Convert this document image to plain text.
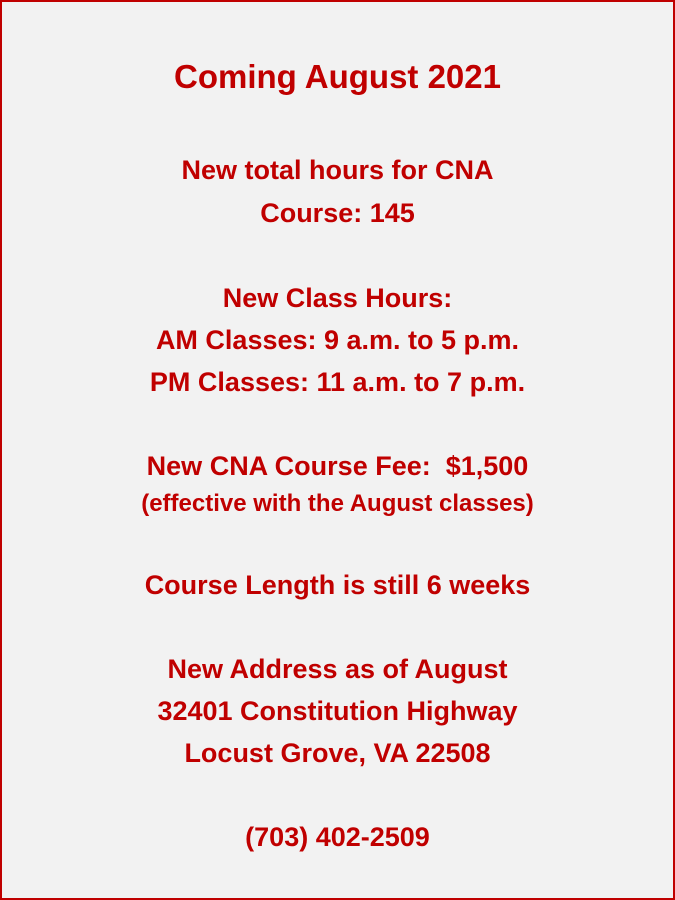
Coming August 2021
New total hours for CNA
Course: 145
New Class Hours:
AM Classes: 9 a.m. to 5 p.m.
PM Classes: 11 a.m. to 7 p.m.
New CNA Course Fee:  $1,500
(effective with the August classes)
Course Length is still 6 weeks
New Address as of August
32401 Constitution Highway
Locust Grove, VA 22508
(703) 402-2509
